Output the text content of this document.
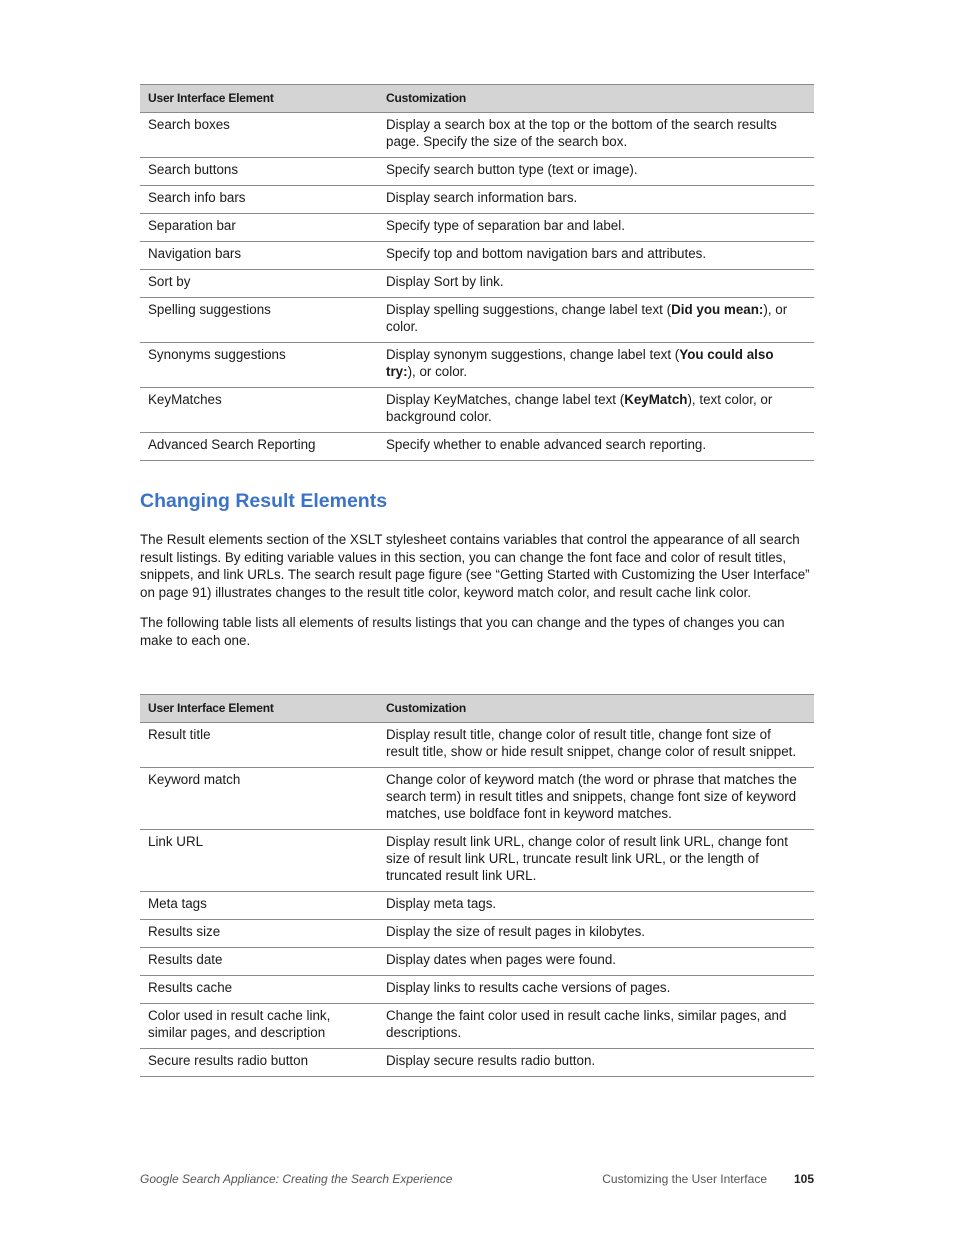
User Interface Element	Customization
Search boxes	Display a search box at the top or the bottom of the search results page. Specify the size of the search box.
Search buttons	Specify search button type (text or image).
Search info bars	Display search information bars.
Separation bar	Specify type of separation bar and label.
Navigation bars	Specify top and bottom navigation bars and attributes.
Sort by	Display Sort by link.
Spelling suggestions	Display spelling suggestions, change label text (Did you mean:), or color.
Synonyms suggestions	Display synonym suggestions, change label text (You could also try:), or color.
KeyMatches	Display KeyMatches, change label text (KeyMatch), text color, or background color.
Advanced Search Reporting	Specify whether to enable advanced search reporting.
Changing Result Elements

The Result elements section of the XSLT stylesheet contains variables that control the appearance of all search result listings. By editing variable values in this section, you can change the font face and color of result titles, snippets, and link URLs. The search result page figure (see “Getting Started with Customizing the User Interface” on page 91) illustrates changes to the result title color, keyword match color, and result cache link color.

The following table lists all elements of results listings that you can change and the types of changes you can make to each one.

User Interface Element	Customization
Result title	Display result title, change color of result title, change font size of result title, show or hide result snippet, change color of result snippet.
Keyword match	Change color of keyword match (the word or phrase that matches the search term) in result titles and snippets, change font size of keyword matches, use boldface font in keyword matches.
Link URL	Display result link URL, change color of result link URL, change font size of result link URL, truncate result link URL, or the length of truncated result link URL.
Meta tags	Display meta tags.
Results size	Display the size of result pages in kilobytes.
Results date	Display dates when pages were found.
Results cache	Display links to results cache versions of pages.
Color used in result cache link, similar pages, and description	Change the faint color used in result cache links, similar pages, and descriptions.
Secure results radio button	Display secure results radio button.
Google Search Appliance: Creating the Search Experience	Customizing the User Interface 105
